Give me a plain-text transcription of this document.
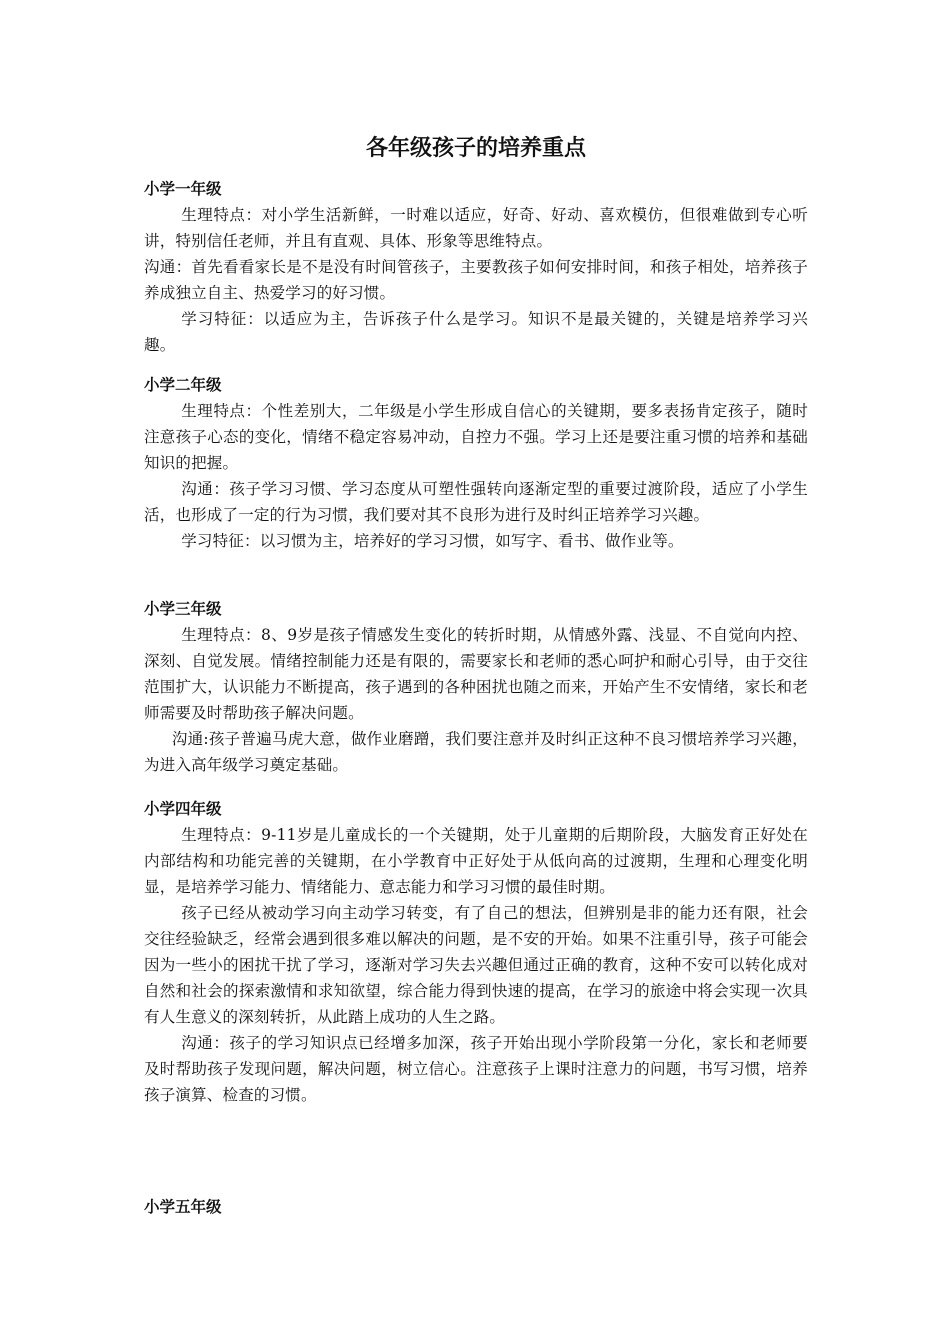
各年级孩子的培养重点
小学一年级

生理特点：对小学生活新鲜，一时难以适应，好奇、好动、喜欢模仿，但很难做到专心听讲，特别信任老师，并且有直观、具体、形象等思维特点。

沟通：首先看看家长是不是没有时间管孩子，主要教孩子如何安排时间，和孩子相处，培养孩子养成独立自主、热爱学习的好习惯。

学习特征：以适应为主，告诉孩子什么是学习。知识不是最关键的，关键是培养学习兴趣。

小学二年级

生理特点：个性差别大，二年级是小学生形成自信心的关键期，要多表扬肯定孩子，随时注意孩子心态的变化，情绪不稳定容易冲动，自控力不强。学习上还是要注重习惯的培养和基础知识的把握。

沟通：孩子学习习惯、学习态度从可塑性强转向逐渐定型的重要过渡阶段，适应了小学生活，也形成了一定的行为习惯，我们要对其不良形为进行及时纠正培养学习兴趣。

学习特征：以习惯为主，培养好的学习习惯，如写字、看书、做作业等。

小学三年级

生理特点：8、9岁是孩子情感发生变化的转折时期，从情感外露、浅显、不自觉向内控、深刻、自觉发展。情绪控制能力还是有限的，需要家长和老师的悉心呵护和耐心引导，由于交往范围扩大，认识能力不断提高，孩子遇到的各种困扰也随之而来，开始产生不安情绪，家长和老师需要及时帮助孩子解决问题。

沟通:孩子普遍马虎大意，做作业磨蹭，我们要注意并及时纠正这种不良习惯培养学习兴趣，为进入高年级学习奠定基础。

小学四年级

生理特点：9-11岁是儿童成长的一个关键期，处于儿童期的后期阶段，大脑发育正好处在内部结构和功能完善的关键期，在小学教育中正好处于从低向高的过渡期，生理和心理变化明显，是培养学习能力、情绪能力、意志能力和学习习惯的最佳时期。

孩子已经从被动学习向主动学习转变，有了自己的想法，但辨别是非的能力还有限，社会交往经验缺乏，经常会遇到很多难以解决的问题，是不安的开始。如果不注重引导，孩子可能会因为一些小的困扰干扰了学习，逐渐对学习失去兴趣但通过正确的教育，这种不安可以转化成对自然和社会的探索激情和求知欲望，综合能力得到快速的提高，在学习的旅途中将会实现一次具有人生意义的深刻转折，从此踏上成功的人生之路。

沟通：孩子的学习知识点已经增多加深，孩子开始出现小学阶段第一分化，家长和老师要及时帮助孩子发现问题，解决问题，树立信心。注意孩子上课时注意力的问题，书写习惯，培养孩子演算、检查的习惯。

小学五年级
